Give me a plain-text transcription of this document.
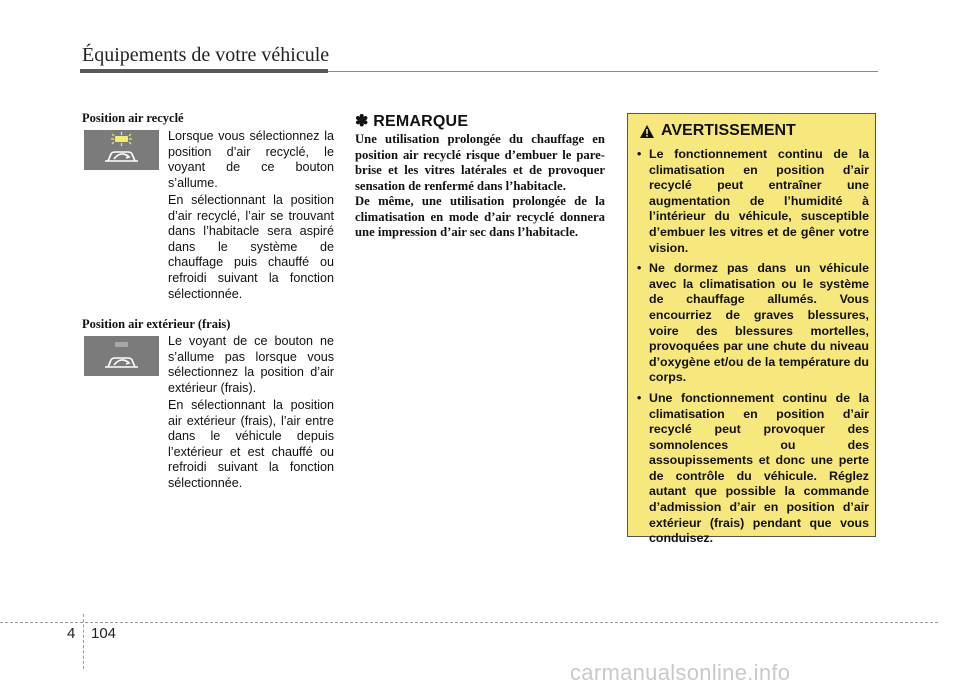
Équipements de votre véhicule
Position air recyclé
Lorsque vous sélectionnez la position d’air recyclé, le voyant de ce bouton s’allume.
En sélectionnant la position d’air recyclé, l’air se trouvant dans l’habitacle sera aspiré dans le système de chauffage puis chauffé ou refroidi suivant la fonction sélectionnée.
Position air extérieur (frais)
Le voyant de ce bouton ne s’allume pas lorsque vous sélectionnez la position d’air extérieur (frais).
En sélectionnant la position air extérieur (frais), l’air entre dans le véhicule depuis l’extérieur et est chauffé ou refroidi suivant la fonction sélectionnée.
✽ REMARQUE

Une utilisation prolongée du chauffage en position air recyclé risque d’embuer le pare-brise et les vitres latérales et de provoquer sensation de renfermé dans l’habitacle.

De même, une utilisation prolongée de la climatisation en mode d’air recyclé donnera une impression d’air sec dans l’habitacle.

AVERTISSEMENT
• Le fonctionnement continu de la climatisation en position d’air recyclé peut entraîner une augmentation de l’humidité à l’intérieur du véhicule, susceptible d’embuer les vitres et de gêner votre vision.
• Ne dormez pas dans un véhicule avec la climatisation ou le système de chauffage allumés. Vous encourriez de graves blessures, voire des blessures mortelles, provoquées par une chute du niveau d’oxygène et/ou de la température du corps.
• Une fonctionnement continu de la climatisation en position d’air recyclé peut provoquer des somnolences ou des assoupissements et donc une perte de contrôle du véhicule. Réglez autant que possible la commande d’admission d’air en position d’air extérieur (frais) pendant que vous conduisez.
4 104
carmanualsonline.info
